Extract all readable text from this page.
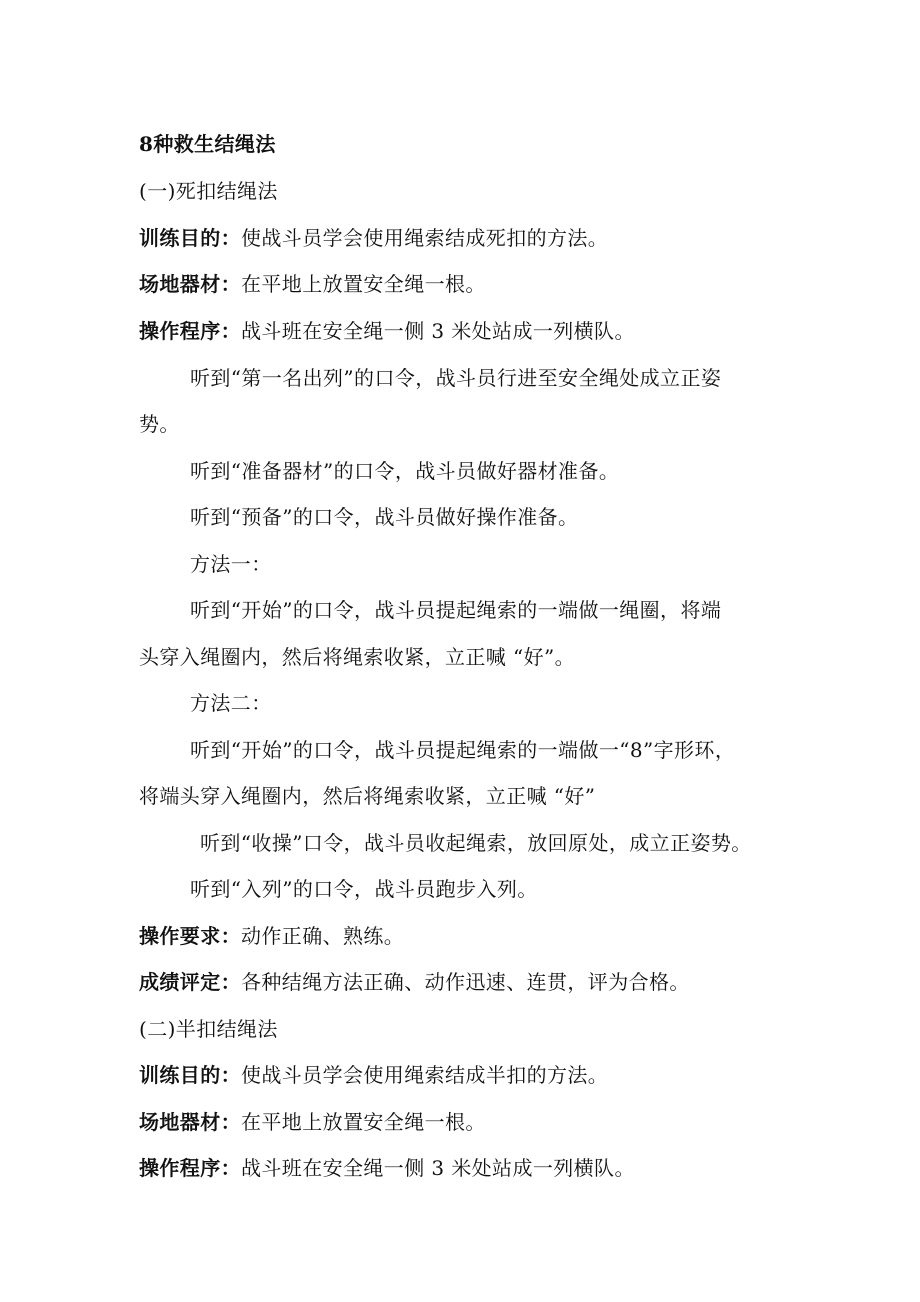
8种救生结绳法
(一)死扣结绳法
训练目的：使战斗员学会使用绳索结成死扣的方法。
场地器材：在平地上放置安全绳一根。
操作程序：战斗班在安全绳一侧 3 米处站成一列横队。
听到“第一名出列”的口令，战斗员行进至安全绳处成立正姿
势。
听到“准备器材”的口令，战斗员做好器材准备。
听到“预备”的口令，战斗员做好操作准备。
方法一：
听到“开始”的口令，战斗员提起绳索的一端做一绳圈，将端
头穿入绳圈内，然后将绳索收紧，立正喊 “好”。
方法二：
听到“开始”的口令，战斗员提起绳索的一端做一“8”字形环，
将端头穿入绳圈内，然后将绳索收紧，立正喊 “好”
听到“收操”口令，战斗员收起绳索，放回原处，成立正姿势。
听到“入列”的口令，战斗员跑步入列。
操作要求：动作正确、熟练。
成绩评定：各种结绳方法正确、动作迅速、连贯，评为合格。
(二)半扣结绳法
训练目的：使战斗员学会使用绳索结成半扣的方法。
场地器材：在平地上放置安全绳一根。
操作程序：战斗班在安全绳一侧 3 米处站成一列横队。
